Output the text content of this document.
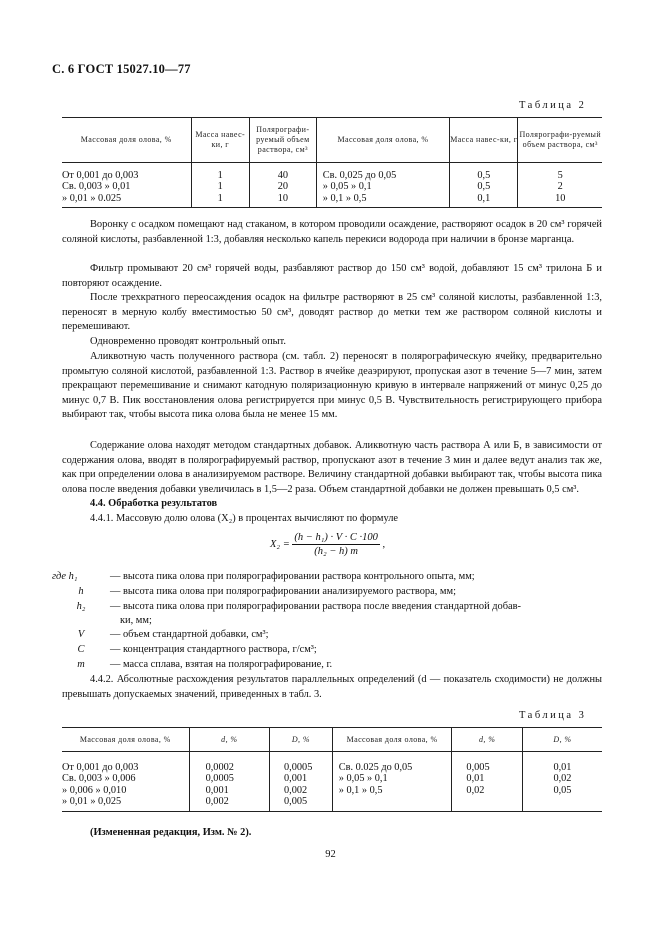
С. 6 ГОСТ 15027.10—77
Таблица 2
Массовая доля олова, %	Масса навес-ки, г	Полярографи-руемый объем раствора, см³	Массовая доля олова, %	Масса навес-ки, г	Полярографи-руемый объем раствора, см³

От 0,001 до 0,003	1	40	Св. 0,025 до 0,05	0,5	5
Св. 0,003 » 0,01	1	20	» 0,05 » 0,1	0,5	2
» 0,01 » 0.025	1	10	» 0,1 » 0,5	0,1	10
Воронку с осадком помещают над стаканом, в котором проводили осаждение, растворяют осадок в 20 см³ горячей соляной кислоты, разбавленной 1:3, добавляя несколько капель перекиси водорода при наличии в бронзе марганца.
Фильтр промывают 20 см³ горячей воды, разбавляют раствор до 150 см³ водой, добавляют 15 см³ трилона Б и повторяют осаждение.
После трехкратного переосаждения осадок на фильтре растворяют в 25 см³ соляной кислоты, разбавленной 1:3, переносят в мерную колбу вместимостью 50 см³, доводят раствор до метки тем же раствором соляной кислоты и перемешивают.
Одновременно проводят контрольный опыт.
Аликвотную часть полученного раствора (см. табл. 2) переносят в полярографическую ячейку, предварительно промытую соляной кислотой, разбавленной 1:3. Раствор в ячейке деаэрируют, пропуская азот в течение 5—7 мин, затем прекращают перемешивание и снимают катодную поляризационную кривую в интервале напряжений от минус 0,25 до минус 0,7 В. Пик восстановления олова регистрируется при минус 0,5 В. Чувствительность регистрирующего прибора выбирают так, чтобы высота пика олова была не менее 15 мм.
Содержание олова находят методом стандартных добавок. Аликвотную часть раствора А или Б, в зависимости от содержания олова, вводят в полярографируемый раствор, пропускают азот в течение 3 мин и далее ведут анализ так же, как при определении олова в анализируемом растворе. Величину стандартной добавки выбирают так, чтобы высота пика олова после введения добавки увеличилась в 1,5—2 раза. Объем стандартной добавки не должен превышать 0,5 см³.
4.4. Обработка результатов
4.4.1. Массовую долю олова (X₂) в процентах вычисляют по формуле
$X_2 = \frac{\text{(h − h₁) · V · C ·100}}{\text{(h₂ − h) m}}$ ,
где h₁	— высота пика олова при полярографировании раствора контрольного опыта, мм;
h	— высота пика олова при полярографировании анализируемого раствора, мм;
h₂ — высота пика олова при полярографировании раствора после введения стандартной добав-
ки, мм;
V — объем стандартной добавки, см³;
C — концентрация стандартного раствора, г/см³;
m — масса сплава, взятая на полярографирование, г.
4.4.2. Абсолютные расхождения результатов параллельных определений (d — показатель сходимости) не должны превышать допускаемых значений, приведенных в табл. 3.
Таблица 3
Массовая доля олова, %	d, %	D, %	Массовая доля олова, %	d, %	D, %

От 0,001 до 0,003	0,0002	0,0005	Св. 0.025 до 0,05	0,005	0,01
Св. 0,003 » 0,006	0,0005	0,001	» 0,05 » 0,1	0,01	0,02
» 0,006 » 0,010	0,001	0,002	» 0,1 » 0,5	0,02	0,05
» 0,01 » 0,025	0,002	0,005			
(Измененная редакция, Изм. № 2).
92
